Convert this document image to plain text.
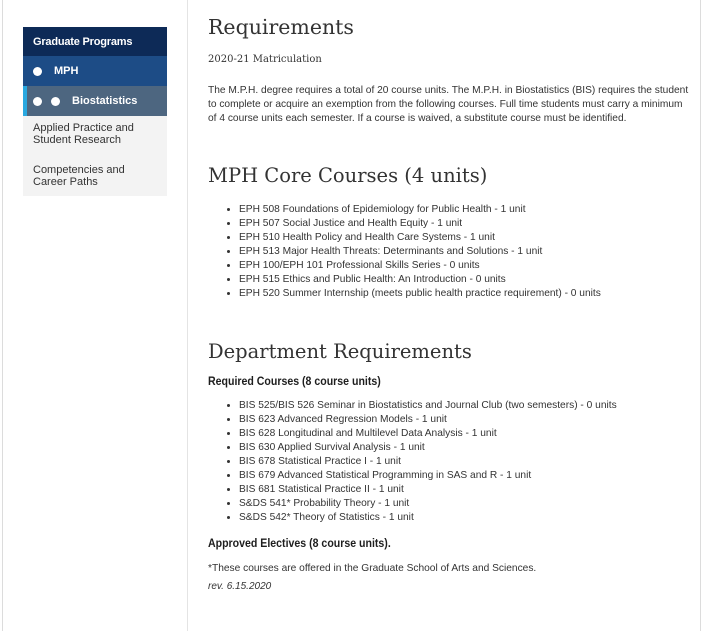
Graduate Programs
MPH
Biostatistics
Applied Practice and Student Research
Competencies and Career Paths
Requirements
2020-21 Matriculation

The M.P.H. degree requires a total of 20 course units. The M.P.H. in Biostatistics (BIS) requires the student to complete or acquire an exemption from the following courses. Full time students must carry a minimum of 4 course units each semester. If a course is waived, a substitute course must be identified.

MPH Core Courses (4 units)
• EPH 508 Foundations of Epidemiology for Public Health - 1 unit
• EPH 507 Social Justice and Health Equity - 1 unit
• EPH 510 Health Policy and Health Care Systems - 1 unit
• EPH 513 Major Health Threats: Determinants and Solutions - 1 unit
• EPH 100/EPH 101 Professional Skills Series - 0 units
• EPH 515 Ethics and Public Health: An Introduction - 0 units
• EPH 520 Summer Internship (meets public health practice requirement) - 0 units
Department Requirements
Required Courses (8 course units)
• BIS 525/BIS 526 Seminar in Biostatistics and Journal Club (two semesters) - 0 units
• BIS 623 Advanced Regression Models - 1 unit
• BIS 628 Longitudinal and Multilevel Data Analysis - 1 unit
• BIS 630 Applied Survival Analysis - 1 unit
• BIS 678 Statistical Practice I - 1 unit
• BIS 679 Advanced Statistical Programming in SAS and R - 1 unit
• BIS 681 Statistical Practice II - 1 unit
• S&DS 541* Probability Theory - 1 unit
• S&DS 542* Theory of Statistics - 1 unit
Approved Electives (8 course units).

*These courses are offered in the Graduate School of Arts and Sciences.

rev. 6.15.2020
